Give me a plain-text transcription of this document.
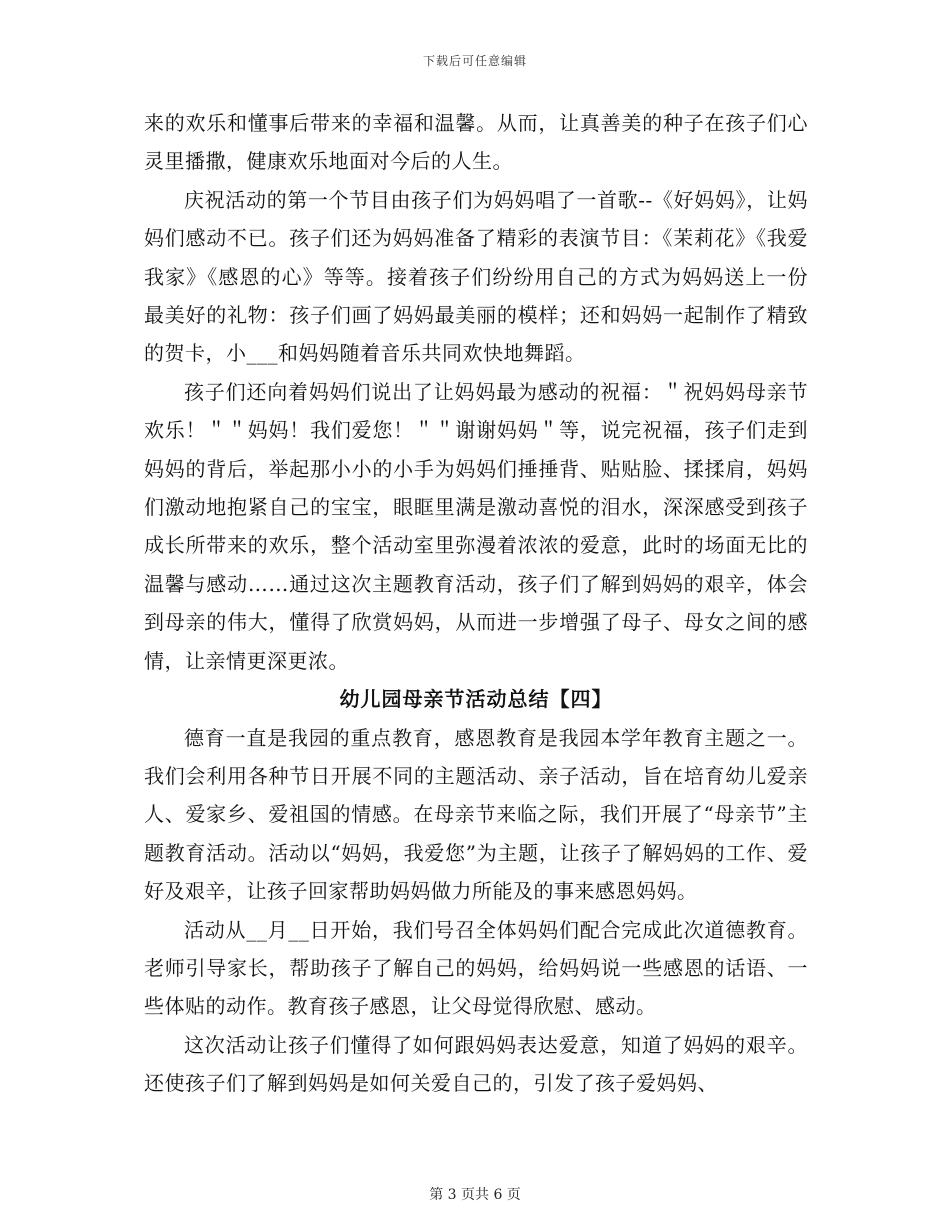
下载后可任意编辑

来的欢乐和懂事后带来的幸福和温馨。从而，让真善美的种子在孩子们心灵里播撒，健康欢乐地面对今后的人生。

庆祝活动的第一个节目由孩子们为妈妈唱了一首歌--《好妈妈》，让妈妈们感动不已。孩子们还为妈妈准备了精彩的表演节目：《茉莉花》《我爱我家》《感恩的心》等等。接着孩子们纷纷用自己的方式为妈妈送上一份最美好的礼物：孩子们画了妈妈最美丽的模样；还和妈妈一起制作了精致的贺卡，小___和妈妈随着音乐共同欢快地舞蹈。

孩子们还向着妈妈们说出了让妈妈最为感动的祝福：＂祝妈妈母亲节欢乐！＂＂妈妈！我们爱您！＂＂谢谢妈妈＂等，说完祝福，孩子们走到妈妈的背后，举起那小小的小手为妈妈们捶捶背、贴贴脸、揉揉肩，妈妈们激动地抱紧自己的宝宝，眼眶里满是激动喜悦的泪水，深深感受到孩子成长所带来的欢乐，整个活动室里弥漫着浓浓的爱意，此时的场面无比的温馨与感动……通过这次主题教育活动，孩子们了解到妈妈的艰辛，体会到母亲的伟大，懂得了欣赏妈妈，从而进一步增强了母子、母女之间的感情，让亲情更深更浓。

幼儿园母亲节活动总结【四】

德育一直是我园的重点教育，感恩教育是我园本学年教育主题之一。我们会利用各种节日开展不同的主题活动、亲子活动，旨在培育幼儿爱亲人、爱家乡、爱祖国的情感。在母亲节来临之际，我们开展了“母亲节”主题教育活动。活动以“妈妈，我爱您”为主题，让孩子了解妈妈的工作、爱好及艰辛，让孩子回家帮助妈妈做力所能及的事来感恩妈妈。

活动从__月__日开始，我们号召全体妈妈们配合完成此次道德教育。老师引导家长，帮助孩子了解自己的妈妈，给妈妈说一些感恩的话语、一些体贴的动作。教育孩子感恩，让父母觉得欣慰、感动。

这次活动让孩子们懂得了如何跟妈妈表达爱意，知道了妈妈的艰辛。还使孩子们了解到妈妈是如何关爱自己的，引发了孩子爱妈妈、

第 3 页共 6 页
